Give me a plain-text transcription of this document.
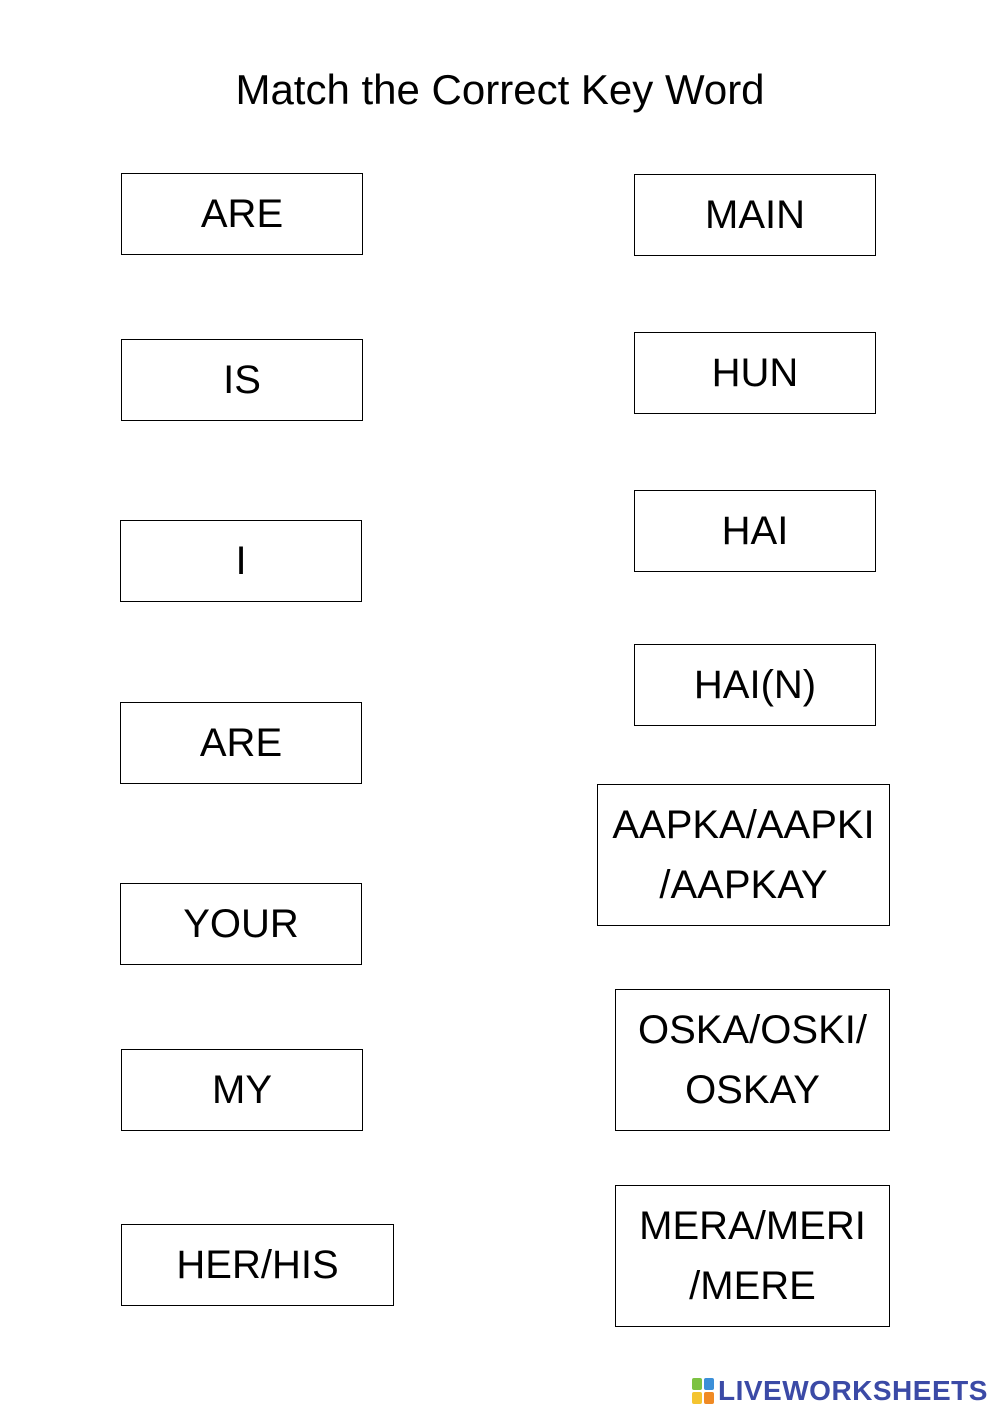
Match the Correct Key Word
ARE
IS
I
ARE
YOUR
MY
HER/HIS
MAIN
HUN
HAI
HAI(N)
AAPKA/AAPKI
/AAPKAY
OSKA/OSKI/
OSKAY
MERA/MERI
/MERE
LIVEWORKSHEETS
